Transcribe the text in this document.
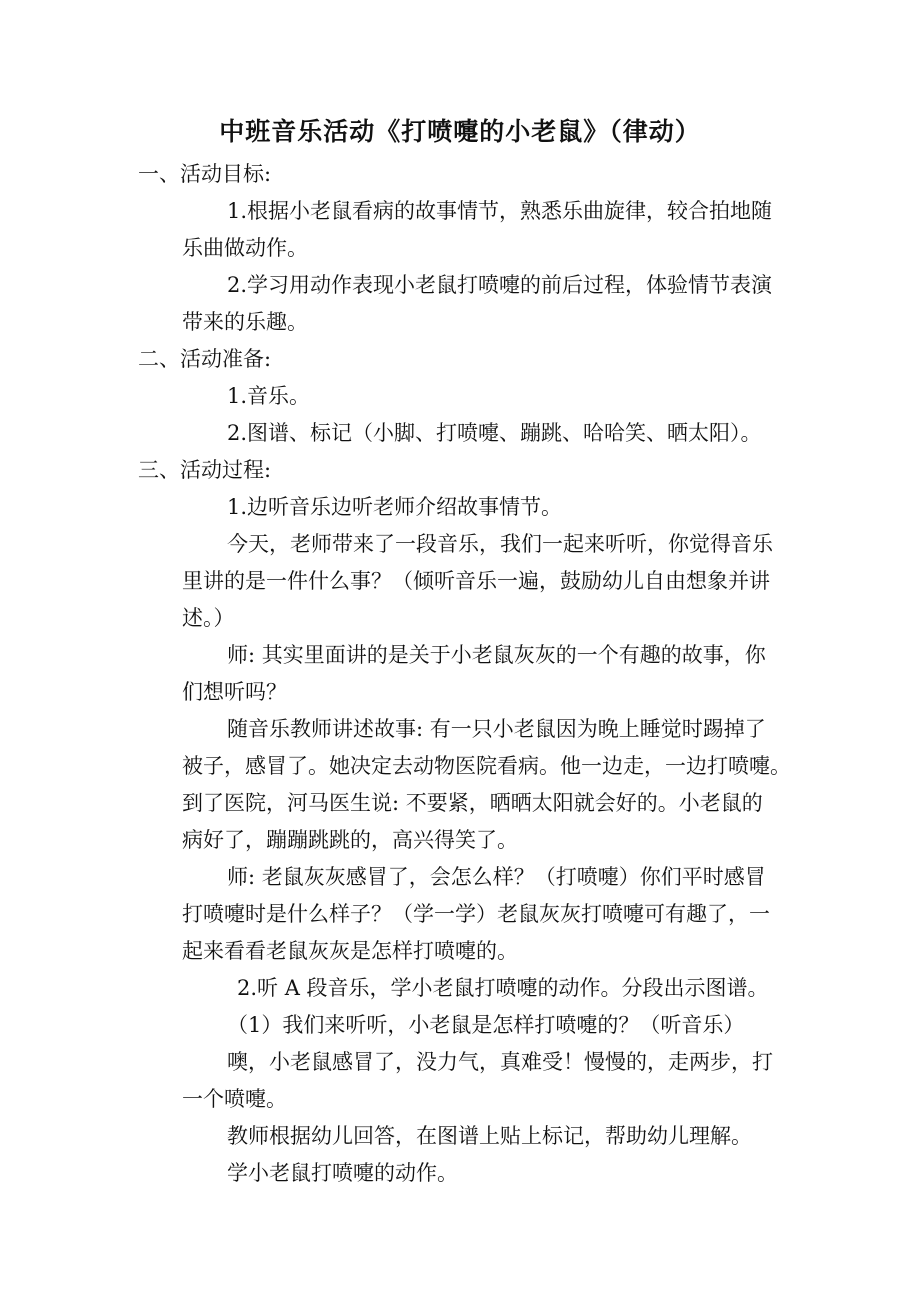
中班音乐活动《打喷嚏的小老鼠》（律动）
一、活动目标:
1.根据小老鼠看病的故事情节，熟悉乐曲旋律，较合拍地随
乐曲做动作。
2.学习用动作表现小老鼠打喷嚏的前后过程，体验情节表演
带来的乐趣。
二、活动准备:
1.音乐。
2.图谱、标记（小脚、打喷嚏、蹦跳、哈哈笑、晒太阳）。
三、活动过程:
1.边听音乐边听老师介绍故事情节。
今天，老师带来了一段音乐，我们一起来听听，你觉得音乐
里讲的是一件什么事？（倾听音乐一遍，鼓励幼儿自由想象并讲
述。）
师: 其实里面讲的是关于小老鼠灰灰的一个有趣的故事，你
们想听吗？
随音乐教师讲述故事: 有一只小老鼠因为晚上睡觉时踢掉了
被子，感冒了。她决定去动物医院看病。他一边走，一边打喷嚏。
到了医院，河马医生说: 不要紧，晒晒太阳就会好的。小老鼠的
病好了，蹦蹦跳跳的，高兴得笑了。
师: 老鼠灰灰感冒了，会怎么样？（打喷嚏）你们平时感冒
打喷嚏时是什么样子？（学一学）老鼠灰灰打喷嚏可有趣了，一
起来看看老鼠灰灰是怎样打喷嚏的。
2.听 A 段音乐，学小老鼠打喷嚏的动作。分段出示图谱。
（1）我们来听听，小老鼠是怎样打喷嚏的？（听音乐）
噢，小老鼠感冒了，没力气，真难受！慢慢的，走两步，打
一个喷嚏。
教师根据幼儿回答，在图谱上贴上标记，帮助幼儿理解。
学小老鼠打喷嚏的动作。
